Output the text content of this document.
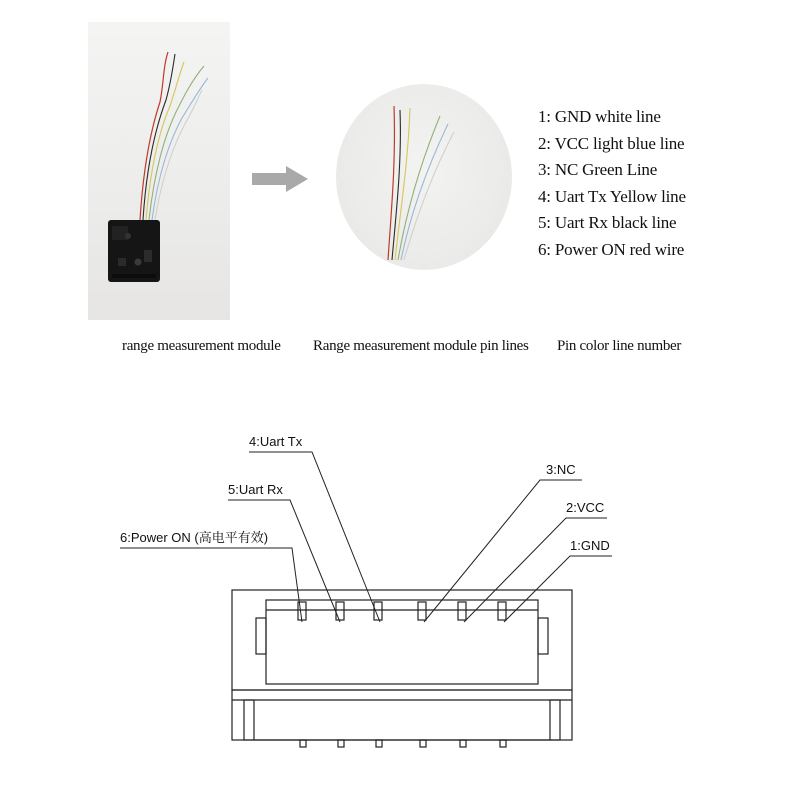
1: GND white line
2: VCC light blue line
3: NC Green Line
4: Uart Tx Yellow line
5: Uart Rx black line
6: Power ON red wire
range measurement module Range measurement module pin lines Pin color line number
4:Uart Tx
5:Uart Rx
6:Power ON (高电平有效)
3:NC
2:VCC
1:GND
